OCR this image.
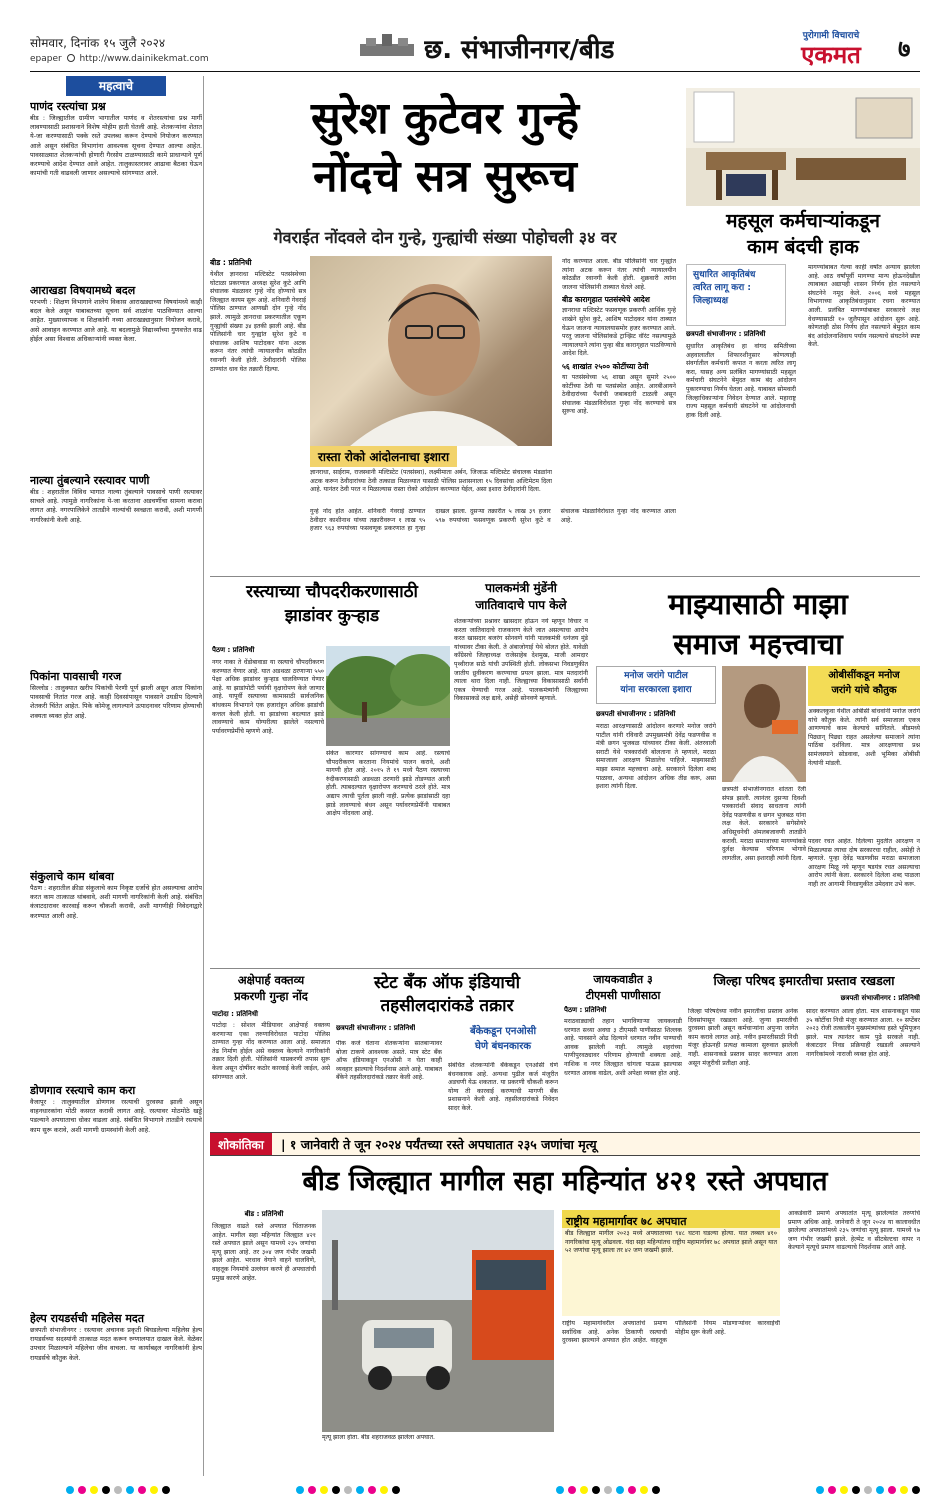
सोमवार, दिनांक १५ जुलै २०२४
epaper http://www.dainikekmat.com	छ. संभाजीनगर/बीड	पुरोगामी विचाराचे
एकमत	७
महत्वाचे
पाणंद रस्त्यांचा प्रश्न
बीड : जिल्ह्यातील ग्रामीण भागातील पाणंद व शेतरस्त्यांचा प्रश्न मार्गी लावण्यासाठी प्रशासनाने विशेष मोहीम हाती घेतली आहे. शेतकऱ्यांना शेतात ये-जा करण्यासाठी पक्के रस्ते उपलब्ध करून देण्याचे नियोजन करण्यात आले असून संबंधित विभागांना आवश्यक सूचना देण्यात आल्या आहेत. पावसाळ्यात शेतकऱ्यांची होणारी गैरसोय टाळण्यासाठी कामे प्राधान्याने पूर्ण करण्याचे आदेश देण्यात आले आहेत. तालुकास्तरावर आढावा बैठका घेऊन कामांची गती वाढवली जाणार असल्याचे सांगण्यात आले.
आराखडा विषयामध्ये बदल
परभणी : शिक्षण विभागाने शालेय विकास आराखड्याच्या विषयांमध्ये काही बदल केले असून याबाबतच्या सूचना सर्व शाळांना पाठविण्यात आल्या आहेत. मुख्याध्यापक व शिक्षकांनी नव्या आराखड्यानुसार नियोजन करावे, असे आवाहन करण्यात आले आहे. या बदलामुळे विद्यार्थ्यांच्या गुणवत्तेत वाढ होईल असा विश्वास अधिकाऱ्यांनी व्यक्त केला.
नाल्या तुंबल्याने रस्त्यावर पाणी
बीड : शहरातील विविध भागात नाल्या तुंबल्याने पावसाचे पाणी रस्त्यावर साचले आहे. त्यामुळे नागरिकांना ये-जा करताना अडचणींचा सामना करावा लागत आहे. नगरपालिकेने तातडीने नाल्यांची स्वच्छता करावी, अशी मागणी नागरिकांनी केली आहे.
पिकांना पावसाची गरज
सिल्लोड : तालुक्यात खरीप पिकांची पेरणी पूर्ण झाली असून आता पिकांना पावसाची नितांत गरज आहे. काही दिवसांपासून पावसाने उघडीप दिल्याने शेतकरी चिंतेत आहेत. पिके कोमेजू लागल्याने उत्पादनावर परिणाम होण्याची शक्यता व्यक्त होत आहे.
संकुलाचे काम थांबवा
पैठण : शहरातील क्रीडा संकुलाचे काम निकृष्ट दर्जाचे होत असल्याचा आरोप करत काम तात्काळ थांबवावे, अशी मागणी नागरिकांनी केली आहे. संबंधित कंत्राटदारावर कारवाई करून चौकशी करावी, अशी मागणीही निवेदनाद्वारे करण्यात आली आहे.
डोणगाव रस्त्याचे काम करा
वैजापूर : तालुक्यातील डोणगाव रस्त्याची दुरवस्था झाली असून वाहनधारकांना मोठी कसरत करावी लागत आहे. रस्त्यावर मोठमोठे खड्डे पडल्याने अपघाताचा धोका वाढला आहे. संबंधित विभागाने तातडीने रस्त्याचे काम सुरू करावे, अशी मागणी ग्रामस्थांनी केली आहे.
हेल्प रायडर्सची महिलेस मदत
छत्रपती संभाजीनगर : रस्त्यावर अचानक प्रकृती बिघडलेल्या महिलेस हेल्प रायडर्सच्या सदस्यांनी तात्काळ मदत करून रुग्णालयात दाखल केले. वेळेवर उपचार मिळाल्याने महिलेचा जीव वाचला. या कार्याबद्दल नागरिकांनी हेल्प रायडर्सचे कौतुक केले.
सुरेश कुटेवर गुन्हे
नोंदचे सत्र सुरूच
गेवराईत नोंदवले दोन गुन्हे, गुन्ह्यांची संख्या पोहोचली ३४ वर
बीड : प्रतिनिधी
येथील ज्ञानराधा मल्टिस्टेट पतसंस्थेच्या घोटाळा प्रकरणात अध्यक्ष सुरेश कुटे आणि संचालक मंडळावर गुन्हे नोंद होण्याचे सत्र जिल्ह्यात कायम सुरू आहे. शनिवारी गेवराई पोलिस ठाण्यात आणखी दोन गुन्हे नोंद झाले. त्यामुळे ज्ञानराधा प्रकरणातील एकूण गुन्ह्यांची संख्या ३४ इतकी झाली आहे. बीड पोलिसांनी चार गुन्ह्यांत सुरेश कुटे व संचालक आशिष पाटोदकर यांना अटक करून नंतर त्यांची न्यायालयीन कोठडीत रवानगी केली होती. ठेवीदारांनी पोलिस ठाण्यांत धाव घेत तक्रारी दिल्या.
रास्ता रोको आंदोलनाचा इशारा
ज्ञानराधा, साईराम, राजस्थानी मल्टिस्टेट (पतसंस्था), लक्ष्मीमाता अर्बन, जिजाऊ मल्टिस्टेट संचालक मंडळांना अटक करून ठेवीदारांच्या ठेवी तत्काळ मिळाव्यात यासाठी पोलिस प्रशासनाला १५ दिवसांचा अल्टिमेटम दिला आहे. यानंतर ठेवी परत न मिळाल्यास रास्ता रोको आंदोलन करण्यात येईल, असा इशारा ठेवीदारांनी दिला.
नोंद करण्यात आला. बीड पोलिसांनी चार गुन्ह्यांत त्यांना अटक करून नंतर त्यांची न्यायालयीन कोठडीत रवानगी केली होती. शुक्रवारी त्यांना जालना पोलिसांनी ताब्यात घेतले आहे.
बीड कारागृहात पतसंस्थेचे आदेश
ज्ञानराधा मल्टिस्टेट फसवणूक प्रकरणी आर्थिक गुन्हे शाखेने सुरेश कुटे, आशिष पाटोदकर यांना ताब्यात घेऊन जालना न्यायालयासमोर हजर करण्यात आले. परतु जालना पोलिसांकडे ट्रान्झिट वॉरंट नसल्यामुळे न्यायालयाने त्यांना पुन्हा बीड कारागृहात पाठविण्याचे आदेश दिले.
५६ शाखांत २५०० कोटींच्या ठेवी
या पतसंस्थेच्या ५६ शाखा असून सुमारे २५०० कोटींच्या ठेवी या पतसंस्थेत आहेत. आरबीआयने ठेवीदारांच्या पैशांची जबाबदारी टाळली असून संचालक मंडळाविरोधात गुन्हा नोंद करण्याचे सत्र सुरूच आहे.
गुन्हे नोंद होत आहेत. शनिवारी गेवराई ठाण्यात ठेवीदार काशीनाथ यांच्या तक्रारीवरून १ लाख ९५ हजार ९६३ रुपयांच्या फसवणूक प्रकरणात हा गुन्हा दाखल झाला. दुसऱ्या तक्रारीत ५ लाख ३९ हजार ५९७ रुपयांच्या फसवणूक प्रकरणी सुरेश कुटे व संचालक मंडळाविरोधात गुन्हा नोंद करण्यात आला आहे.
महसूल कर्मचाऱ्यांकडून
काम बंदची हाक
सुधारित आकृतिबंध
त्वरित लागू करा :
जिल्हाध्यक्ष
छत्रपती संभाजीनगर : प्रतिनिधी
सुधारित आकृतिबंध हा वांगद समितीच्या अहवालातील शिफारशीनुसार कोणत्याही संवर्गातील कर्मचारी कपात न करता त्वरित लागू करा, यासह अन्य प्रलंबित मागण्यांसाठी महसूल कर्मचारी संघटनेने बेमुदत काम बंद आंदोलन पुकारण्याचा निर्णय घेतला आहे. याबाबत सोमवारी जिल्हाधिकाऱ्यांना निवेदन देण्यात आले. महाराष्ट्र राज्य महसूल कर्मचारी संघटनेने या आंदोलनाची हाक दिली आहे.
मागण्यांबाबत गेल्या काही वर्षांत अन्याय झालेला आहे. आठ वर्षांपूर्वी मागण्या मान्य होऊनदेखील त्याबाबत अद्यापही शासन निर्णय होत नसल्याने संघटनेने नमूद केले. २००६ मध्ये महसूल विभागाच्या आकृतिबंधानुसार रचना करण्यात आली. प्रलंबित मागण्यांबाबत सरकारचे लक्ष वेधण्यासाठी १० जुलैपासून आंदोलन सुरू आहे. कोणताही ठोस निर्णय होत नसल्याने बेमुदत काम बंद आंदोलनाशिवाय पर्याय नसल्याचे संघटनेने स्पष्ट केले.
रस्त्याच्या चौपदरीकरणासाठी
झाडांवर कुऱ्हाड
पैठण : प्रतिनिधी
नगर नाका ते धेंडोबावाडा या रस्त्याचे चौपदरीकरण करण्यात येणार आहे. यात अडथळा ठरणाऱ्या ५५० पेक्षा अधिक झाडांवर कुऱ्हाड चालविण्यात येणार आहे. या झाडांपोटी पर्यायी वृक्षारोपण केले जाणार आहे. यापूर्वी रस्त्याच्या कामासाठी सार्वजनिक बांधकाम विभागाने एक हजारांहून अधिक झाडांची कत्तल केली होती. या झाडांच्या बदल्यात झाडे लावण्याचे काम योग्यरीत्या झालेले नसल्याचे पर्यावरणप्रेमींचे म्हणणे आहे.
संकेत कारणार सांगण्याचे काम आहे. रस्त्याचे चौपदरीकरण करताना नियमांचे पालन करावे, अशी मागणी होत आहे. २०१५ ते १९ मध्ये पैठण रस्त्याच्या रुंदीकरणासाठी अडथळा ठरणारी झाडे तोडण्यात आली होती. त्याबदल्यात वृक्षारोपण करण्याचे ठरले होते. मात्र अद्याप त्याची पूर्तता झाली नाही. प्रत्येक झाडांसाठी दहा झाडे लावण्याचे बंधन असून पर्यावरणप्रेमींनी याबाबत आक्षेप नोंदवला आहे.
पालकमंत्री मुंडेंनी
जातिवादाचे पाप केले
शेतकऱ्यांच्या प्रश्नावर खासदार होऊन नये म्हणून विचार न करता जातिवादाचे राजकारण केले जात असल्याचा आरोप करत खासदार बजरंग सोनवणे यांनी पालकमंत्री धनंजय मुंडे यांच्यावर टीका केली. ते अंबाजोगाई येथे बोलत होते. यावेळी काँग्रेसचे जिल्हाध्यक्ष राजेसाहेब देशमुख, माजी आमदार पृथ्वीराज साठे यांची उपस्थिती होती. लोकसभा निवडणुकीत जातीय ध्रुवीकरण करण्याचा प्रयत्न झाला. मात्र मतदारांनी त्याला थारा दिला नाही. जिल्ह्याच्या विकासासाठी सर्वांनी एकत्र येण्याची गरज आहे. पालकमंत्र्यांनी जिल्ह्याच्या विकासाकडे लक्ष द्यावे, असेही सोनवणे म्हणाले.
माझ्यासाठी माझा
समाज महत्त्वाचा
मनोज जरांगे पाटील
यांना सरकारला इशारा
छत्रपती संभाजीनगर : प्रतिनिधी
मराठा आरक्षणासाठी आंदोलन करणारे मनोज जरांगे पाटील यांनी रविवारी उपमुख्यमंत्री देवेंद्र फडणवीस व मंत्री छगन भुजबळ यांच्यावर टीका केली. अंतरवाली सराटी येथे पत्रकारांशी बोलताना ते म्हणाले, मराठा समाजाला आरक्षण मिळालेच पाहिजे. माझ्यासाठी माझा समाज महत्त्वाचा आहे. सरकारने दिलेला शब्द पाळावा, अन्यथा आंदोलन अधिक तीव्र करू, असा इशारा त्यांनी दिला.
ओबीसींकडून मनोज
जरांगे यांचे कौतुक
अक्कलकुवा येथील ओबीसी बांधवांनी मनोज जरांगे यांचे कौतुक केले. त्यांनी सर्व समाजाला एकत्र आणण्याचे काम केल्याचे सांगितले. बीडमध्ये पिढ्यान् पिढ्या राहत असलेल्या समाजाने त्यांना पाठिंबा दर्शविला. मात्र आरक्षणाचा प्रश्न सामंजस्याने सोडवावा, अशी भूमिका ओबीसी नेत्यांनी मांडली.
छत्रपती संभाजीनगरात शांतता रॅली संपन्न झाली. त्यानंतर दुसऱ्या दिवशी पत्रकारांशी संवाद साधताना त्यांनी देवेंद्र फडणवीस व छगन भुजबळ यांना लक्ष केले. सरकारने सगेसोयरे अधिसूचनेची अंमलबजावणी तातडीने करावी. मराठा समाजाच्या मागण्यांकडे दुर्लक्ष केल्यास परिणाम भोगावे लागतील, असा इशाराही त्यांनी दिला.
पदवर रचत आहेत. दिलेल्या मुदतीत आरक्षण न मिळाल्यास त्याचा दोष सरकारचा राहील, असेही ते म्हणाले. पुन्हा देवेंद्र फडणवीस मराठा समाजाला आरक्षण मिळू नये म्हणून षडयंत्र रचत असल्याचा आरोप त्यांनी केला. सरकारने दिलेला शब्द पाळला नाही तर आगामी निवडणुकीत उमेदवार उभे करू.
अक्षेपार्ह वक्तव्य
प्रकरणी गुन्हा नोंद
पाटोदा : प्रतिनिधी
पाटोदा : सोशल मीडियावर आक्षेपार्ह वक्तव्य करणाऱ्या एका तरुणाविरोधात पाटोदा पोलिस ठाण्यात गुन्हा नोंद करण्यात आला आहे. समाजात तेढ निर्माण होईल असे वक्तव्य केल्याने नागरिकांनी तक्रार दिली होती. पोलिसांनी याप्रकरणी तपास सुरू केला असून दोषींवर कठोर कारवाई केली जाईल, असे सांगण्यात आले.
स्टेट बँक ऑफ इंडियाची
तहसीलदारांकडे तक्रार
छत्रपती संभाजीनगर : प्रतिनिधी	बँकेकडून एनओसी
घेणे बंधनकारक
पीक कर्ज घेताना शेतकऱ्यांना सातबाऱ्यावर बोजा टाकणे आवश्यक असते. मात्र स्टेट बँक ऑफ इंडियाकडून एनओसी न घेता काही व्यवहार झाल्याचे निदर्शनास आले आहे. याबाबत बँकेने तहसीलदारांकडे तक्रार केली आहे.
संबंधित शेतकऱ्यांनी बँकेकडून एनओसी घेणे बंधनकारक आहे. अन्यथा पुढील कर्ज मंजुरीत अडचणी येऊ शकतात. या प्रकरणी चौकशी करून योग्य ती कारवाई करण्याची मागणी बँक प्रशासनाने केली आहे. तहसीलदारांकडे निवेदन सादर केले.
जायकवाडीत ३
टीएमसी पाणीसाठा
पैठण : प्रतिनिधी
मराठवाड्याची तहान भागविणाऱ्या जायकवाडी धरणात सध्या अवघा ३ टीएमसी पाणीसाठा शिल्लक आहे. पावसाने ओढ दिल्याने धरणात नवीन पाण्याची आवक झालेली नाही. त्यामुळे शहरांच्या पाणीपुरवठ्यावर परिणाम होण्याची शक्यता आहे. नाशिक व नगर जिल्ह्यात चांगला पाऊस झाल्यास धरणात आवक वाढेल, अशी अपेक्षा व्यक्त होत आहे.
जिल्हा परिषद इमारतीचा प्रस्ताव रखडला
छत्रपती संभाजीनगर : प्रतिनिधी
जिल्हा परिषदेच्या नवीन इमारतीचा प्रस्ताव अनेक दिवसांपासून रखडला आहे. जुन्या इमारतीची दुरवस्था झाली असून कर्मचाऱ्यांना अपुऱ्या जागेत काम करावे लागत आहे. नवीन इमारतीसाठी निधी मंजूर होऊनही प्रत्यक्ष कामाला सुरुवात झालेली नाही. शासनाकडे प्रस्ताव सादर करण्यात आला असून मंजुरीची प्रतीक्षा आहे.
सादर करण्यात आला होता. मात्र शासनाकडून यास ३५ कोटींचा निधी मंजूर करण्यात आला. १० सप्टेंबर २०२३ रोजी तत्कालीन मुख्यमंत्र्यांच्या हस्ते भूमिपूजन झाले. मात्र त्यानंतर काम पुढे सरकले नाही. कंत्राटदार निवड प्रक्रियाही रखडली असल्याने नागरिकांमध्ये नाराजी व्यक्त होत आहे.
शोकांतिका | १ जानेवारी ते जून २०२४ पर्यंतच्या रस्ते अपघातात २३५ जणांचा मृत्यू
बीड जिल्ह्यात मागील सहा महिन्यांत ४२१ रस्ते अपघात
बीड : प्रतिनिधी
जिल्ह्यात वाढते रस्ते अपघात चिंताजनक आहेत. मागील सहा महिन्यांत जिल्ह्यात ४२१ रस्ते अपघात झाले असून यामध्ये २३५ जणांचा मृत्यू झाला आहे. तर ३०४ जण गंभीर जखमी झाले आहेत. भरधाव वेगाने वाहने चालविणे, वाहतूक नियमांचे उल्लंघन करणे ही अपघातांची प्रमुख कारणे आहेत.
मृत्यू झाला होता. बीड शहराजवळ झालेला अपघात.
राष्ट्रीय महामार्गावर ७८ अपघात
बीड जिल्ह्यात मागील २०२३ मध्ये अपघाताच्या ९४८ घटना घडल्या होत्या. यात तब्बल ४१० नागरिकांचा मृत्यू ओढवला. यंदा सहा महिन्यांतच राष्ट्रीय महामार्गावर ७८ अपघात झाले असून यात ५२ जणांचा मृत्यू झाला तर ४२ जण जखमी झाले.
राष्ट्रीय महामार्गावरील अपघातांचे प्रमाण सर्वाधिक आहे. अनेक ठिकाणी रस्त्याची दुरवस्था झाल्याने अपघात होत आहेत. वाहतूक पोलिसांनी नियम मोडणाऱ्यांवर कारवाईची मोहीम सुरू केली आहे.
आकडेवारी प्रमाणे अपघातांत मृत्यू झालेल्यांत तरुणांचे प्रमाण अधिक आहे. जानेवारी ते जून २०२४ या कालावधीत झालेल्या अपघातांमध्ये २३५ जणांचा मृत्यू झाला. यामध्ये ९७ जण गंभीर जखमी झाले. हेल्मेट व सीटबेल्टचा वापर न केल्याने मृत्यूचे प्रमाण वाढल्याचे निदर्शनास आले आहे.
